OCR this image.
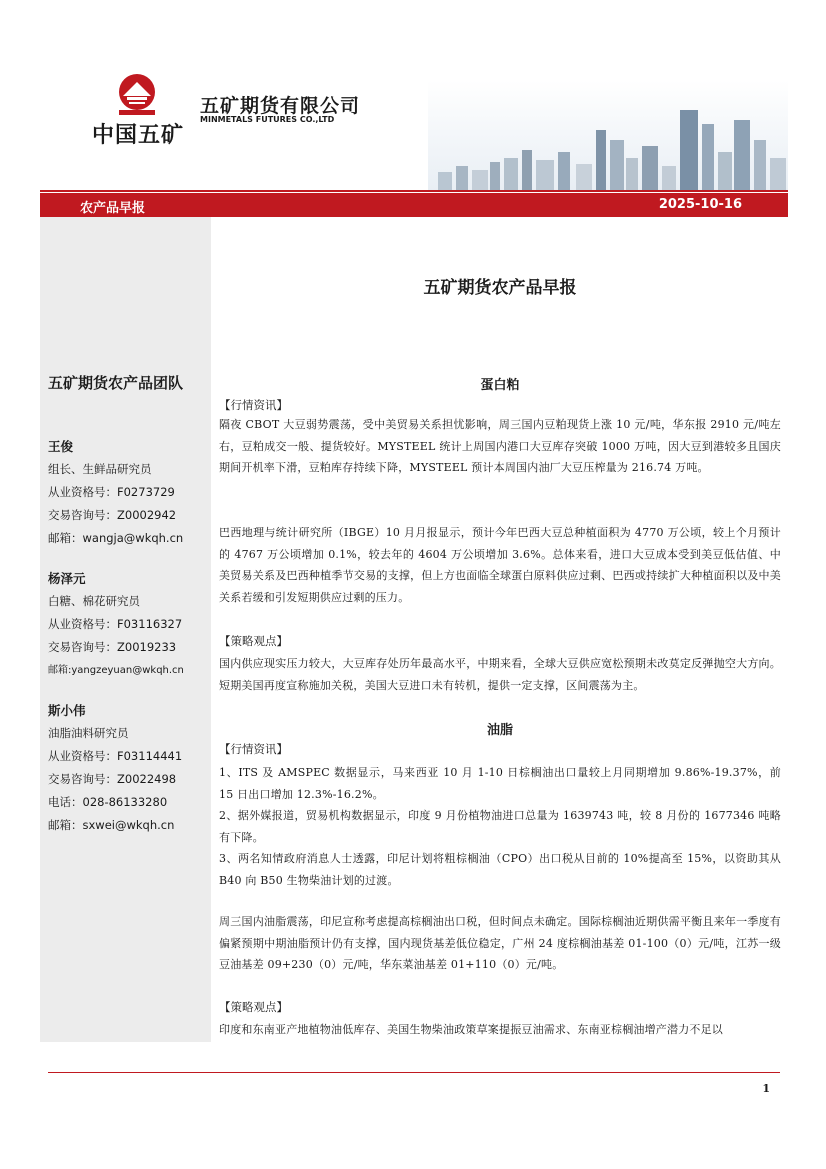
中国五矿
五矿期货有限公司
MINMETALS FUTURES CO.,LTD
农产品早报	2025-10-16
五矿期货农产品团队
王俊
组长、生鲜品研究员
从业资格号：F0273729
交易咨询号：Z0002942
邮箱：wangja@wkqh.cn
杨泽元
白糖、棉花研究员
从业资格号：F03116327
交易咨询号：Z0019233
邮箱:yangzeyuan@wkqh.cn
斯小伟
油脂油料研究员
从业资格号：F03114441
交易咨询号：Z0022498
电话：028-86133280
邮箱：sxwei@wkqh.cn
五矿期货农产品早报
蛋白粕
【行情资讯】
隔夜 CBOT 大豆弱势震荡，受中美贸易关系担忧影响，周三国内豆粕现货上涨 10 元/吨，华东报 2910 元/吨左右，豆粕成交一般、提货较好。MYSTEEL 统计上周国内港口大豆库存突破 1000 万吨，因大豆到港较多且国庆期间开机率下滑，豆粕库存持续下降，MYSTEEL 预计本周国内油厂大豆压榨量为 216.74 万吨。
巴西地理与统计研究所（IBGE）10 月月报显示，预计今年巴西大豆总种植面积为 4770 万公顷，较上个月预计的 4767 万公顷增加 0.1%，较去年的 4604 万公顷增加 3.6%。总体来看，进口大豆成本受到美豆低估值、中美贸易关系及巴西种植季节交易的支撑，但上方也面临全球蛋白原料供应过剩、巴西或持续扩大种植面积以及中美关系若缓和引发短期供应过剩的压力。
【策略观点】
国内供应现实压力较大，大豆库存处历年最高水平，中期来看，全球大豆供应宽松预期未改莫定反弹抛空大方向。短期美国再度宣称施加关税，美国大豆进口未有转机，提供一定支撑，区间震荡为主。
油脂
【行情资讯】
1、ITS 及 AMSPEC 数据显示，马来西亚 10 月 1-10 日棕榈油出口量较上月同期增加 9.86%-19.37%，前 15 日出口增加 12.3%-16.2%。
2、据外媒报道，贸易机构数据显示，印度 9 月份植物油进口总量为 1639743 吨，较 8 月份的 1677346 吨略有下降。
3、两名知情政府消息人士透露，印尼计划将粗棕榈油（CPO）出口税从目前的 10%提高至 15%，以资助其从 B40 向 B50 生物柴油计划的过渡。
周三国内油脂震荡，印尼宣称考虑提高棕榈油出口税，但时间点未确定。国际棕榈油近期供需平衡且来年一季度有偏紧预期中期油脂预计仍有支撑，国内现货基差低位稳定，广州 24 度棕榈油基差 01-100（0）元/吨，江苏一级豆油基差 09+230（0）元/吨，华东菜油基差 01+110（0）元/吨。
【策略观点】
印度和东南亚产地植物油低库存、美国生物柴油政策草案提振豆油需求、东南亚棕榈油增产潜力不足以
1
